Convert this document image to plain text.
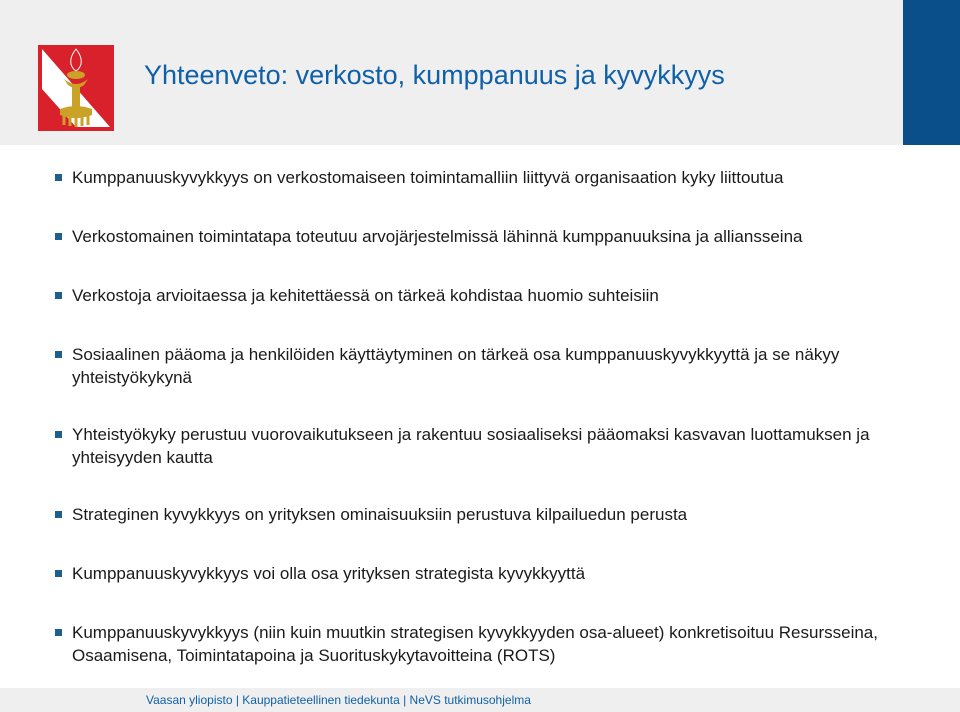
Yhteenveto: verkosto, kumppanuus ja kyvykkyys
Kumppanuuskyvykkyys on verkostomaiseen toimintamalliin liittyvä organisaation kyky liittoutua
Verkostomainen toimintatapa toteutuu arvojärjestelmissä lähinnä kumppanuuksina ja alliansseina
Verkostoja arvioitaessa ja kehitettäessä on tärkeä kohdistaa huomio suhteisiin
Sosiaalinen pääoma ja henkilöiden käyttäytyminen on tärkeä osa kumppanuuskyvykkyyttä ja se näkyy yhteistyökykynä
Yhteistyökyky perustuu vuorovaikutukseen ja rakentuu sosiaaliseksi pääomaksi kasvavan luottamuksen ja yhteisyyden kautta
Strateginen kyvykkyys on yrityksen ominaisuuksiin perustuva kilpailuedun perusta
Kumppanuuskyvykkyys voi olla osa yrityksen strategista kyvykkyyttä
Kumppanuuskyvykkyys (niin kuin muutkin strategisen kyvykkyyden osa-alueet) konkretisoituu Resursseina, Osaamisena, Toimintatapoina ja Suorituskykytavoitteina (ROTS)
Vaasan yliopisto | Kauppatieteellinen tiedekunta | NeVS tutkimusohjelma
